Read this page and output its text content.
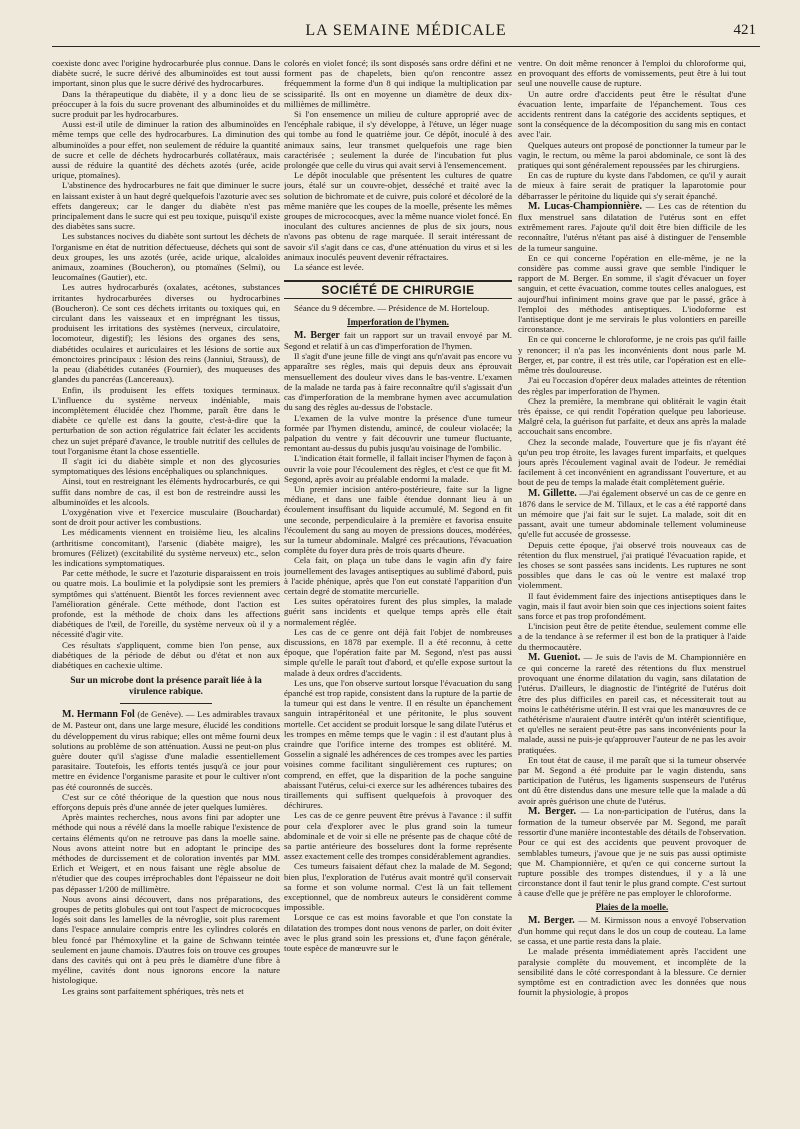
LA SEMAINE MÉDICALE	421

coexiste donc avec l'origine hydrocarburée plus connue. Dans le diabète sucré, le sucre dérivé des albuminoïdes est tout aussi important, sinon plus que le sucre dérivé des hydrocarbures.

Dans la thérapeutique du diabète, il y a donc lieu de se préoccuper à la fois du sucre provenant des albuminoïdes et du sucre produit par les hydrocarbures.

Aussi est-il utile de diminuer la ration des albuminoïdes en même temps que celle des hydrocarbures. La diminution des albuminoïdes a pour effet, non seulement de réduire la quantité de sucre et celle de déchets hydrocarburés collatéraux, mais aussi de réduire la quantité des déchets azotés (urée, acide urique, ptomaïnes).

L'abstinence des hydrocarbures ne fait que diminuer le sucre en laissant exister à un haut degré quelquefois l'azoturie avec ses effets dangereux; car le danger du diabète n'est pas principalement dans le sucre qui est peu toxique, puisqu'il existe des diabètes sans sucre.

Les substances nocives du diabète sont surtout les déchets de l'organisme en état de nutrition défectueuse, déchets qui sont de deux groupes, les uns azotés (urée, acide urique, alcaloïdes animaux, zoamines (Boucheron), ou ptomaïnes (Selmi), ou leucomaïnes (Gautier), etc.

Les autres hydrocarburés (oxalates, acétones, substances irritantes hydrocarburées diverses ou hydrocarbines (Boucheron). Ce sont ces déchets irritants ou toxiques qui, en circulant dans les vaisseaux et en imprégnant les tissus, produisent les irritations des systèmes (nerveux, circulatoire, locomoteur, digestif); les lésions des organes des sens, diabétides oculaires et auriculaires et les lésions de sortie aux émonctoires principaux : lésion des reins (Janniui, Strauss), de la peau (diabétides cutanées (Fournier), des muqueuses des glandes du pancréas (Lancereaux).

Enfin, ils produisent les effets toxiques terminaux. L'influence du système nerveux indéniable, mais incomplètement élucidée chez l'homme, paraît être dans le diabète ce qu'elle est dans la goutte, c'est-à-dire que la perturbation de son action régulatrice fait éclater les accidents chez un sujet préparé d'avance, le trouble nutritif des cellules de tout l'organisme étant la chose essentielle.

Il s'agit ici du diabète simple et non des glycosuries symptomatiques des lésions encéphaliques ou splanchniques.

Ainsi, tout en restreignant les éléments hydrocarburés, ce qui suffit dans nombre de cas, il est bon de restreindre aussi les albuminoïdes et les alcools.

L'oxygénation vive et l'exercice musculaire (Bouchardat) sont de droit pour activer les combustions.

Les médicaments viennent en troisième lieu, les alcalins (arthritisme concomitant), l'arsenic (diabète maigre), les bromures (Félizet) (excitabilité du système nerveux) etc., selon les indications symptomatiques.

Par cette méthode, le sucre et l'azoturie disparaissent en trois ou quatre mois. La boulimie et la polydipsie sont les premiers symptômes qui s'atténuent. Bientôt les forces reviennent avec l'amélioration générale. Cette méthode, dont l'action est profonde, est la méthode de choix dans les affections diabétiques de l'œil, de l'oreille, du système nerveux où il y a nécessité d'agir vite.

Ces résultats s'appliquent, comme bien l'on pense, aux diabétiques de la période de début ou d'état et non aux diabétiques en cachexie ultime.

Sur un microbe dont la présence paraît liée à la virulence rabique.

M. Hermann Fol (de Genève). — Les admirables travaux de M. Pasteur ont, dans une large mesure, élucidé les conditions du développement du virus rabique; elles ont même fourni deux solutions au problème de son atténuation. Aussi ne peut-on plus guère douter qu'il s'agisse d'une maladie essentiellement parasitaire. Toutefois, les efforts tentés jusqu'à ce jour pour mettre en évidence l'organisme parasite et pour le cultiver n'ont pas été couronnés de succès.

C'est sur ce côté théorique de la question que nous nous efforçons depuis près d'une année de jeter quelques lumières.

Après maintes recherches, nous avons fini par adopter une méthode qui nous a révélé dans la moelle rabique l'existence de certains éléments qu'on ne retrouve pas dans la moelle saine. Nous avons atteint notre but en adoptant le principe des méthodes de durcissement et de coloration inventés par MM. Erlich et Weigert, et en nous faisant une règle absolue de n'étudier que des coupes irréprochables dont l'épaisseur ne doit pas dépasser 1/200 de millimètre.

Nous avons ainsi découvert, dans nos préparations, des groupes de petits globules qui ont tout l'aspect de micrococques logés soit dans les lamelles de la névroglie, soit plus rarement dans l'espace annulaire compris entre les cylindres colorés en bleu foncé par l'hémoxyline et la gaine de Schwann teintée seulement en jaune chamois. D'autres fois on trouve ces groupes dans des cavités qui ont à peu près le diamètre d'une fibre à myéline, cavités dont nous ignorons encore la nature histologique.

Les grains sont parfaitement sphériques, très nets et

colorés en violet foncé; ils sont disposés sans ordre défini et ne forment pas de chapelets, bien qu'on rencontre assez fréquemment la forme d'un 8 qui indique la multiplication par scissiparité. Ils ont en moyenne un diamètre de deux dix-millièmes de millimètre.

Si l'on ensemence un milieu de culture approprié avec de l'encéphale rabique, il s'y développe, à l'étuve, un léger nuage qui tombe au fond le quatrième jour. Ce dépôt, inoculé à des animaux sains, leur transmet quelquefois une rage bien caractérisée ; seulement la durée de l'incubation fut plus prolongée que celle du virus qui avait servi à l'ensemencement.

Le dépôt inoculable que présentent les cultures de quatre jours, étalé sur un couvre-objet, desséché et traité avec la solution de bichromate et de cuivre, puis coloré et décoloré de la même manière que les coupes de la moelle, présente les mêmes groupes de micrococques, avec la même nuance violet foncé. En inoculant des cultures anciennes de plus de six jours, nous n'avons pas obtenu de rage marquée. Il serait intéressant de savoir s'il s'agit dans ce cas, d'une atténuation du virus et si les animaux inoculés peuvent devenir réfractaires.

La séance est levée.

SOCIÉTÉ DE CHIRURGIE

Séance du 9 décembre. — Présidence de M. Horteloup.

Imperforation de l'hymen.

M. Berger fait un rapport sur un travail envoyé par M. Segond et relatif à un cas d'imperforation de l'hymen.

Il s'agit d'une jeune fille de vingt ans qu'n'avait pas encore vu apparaître ses règles, mais qui depuis deux ans éprouvait mensuellement des douleur vives dans le bas-ventre. L'examen de la malade ne tarda pas à faire reconnaître qu'il s'agissait d'un cas d'imperforation de la membrane hymen avec accumulation du sang des règles au-dessus de l'obstacle.

L'examen de la vulve montre la présence d'une tumeur formée par l'hymen distendu, amincé, de couleur violacée; la palpation du ventre y fait découvrir une tumeur fluctuante, remontant au-dessus du pubis jusqu'au voisinage de l'ombilic.

L'indication était formelle, il fallait inciser l'hymen de façon à ouvrir la voie pour l'écoulement des règles, et c'est ce que fit M. Segond, après avoir au préalable endormi la malade.

Un premier incision antéro-postérieure, faite sur la ligne médiane, et dans une faible étendue donnant lieu à un écoulement insuffisant du liquide accumulé, M. Segond en fit une seconde, perpendiculaire à la première et favorisa ensuite l'écoulement du sang au moyen de pressions douces, modérées, sur la tumeur abdominale. Malgré ces précautions, l'évacuation complète du foyer dura près de trois quarts d'heure.

Cela fait, on plaça un tube dans le vagin afin d'y faire journellement des lavages antiseptiques au sublimé d'abord, puis à l'acide phénique, après que l'on eut constaté l'apparition d'un certain degré de stomatite mercurielle.

Les suites opératoires furent des plus simples, la malade guérit sans incidents et quelque temps après elle était normalement réglée.

Les cas de ce genre ont déjà fait l'objet de nombreuses discussions, en 1878 par exemple. Il a été reconnu, à cette époque, que l'opération faite par M. Segond, n'est pas aussi simple qu'elle le paraît tout d'abord, et qu'elle expose surtout la malade à deux ordres d'accidents.

Les uns, que l'on observe surtout lorsque l'évacuation du sang épanché est trop rapide, consistent dans la rupture de la partie de la tumeur qui est dans le ventre. Il en résulte un épanchement sanguin intrapéritonéal et une péritonite, le plus souvent mortelle. Cet accident se produit lorsque le sang dilate l'utérus et les trompes en même temps que le vagin : il est d'autant plus à craindre que l'orifice interne des trompes est oblitéré. M. Gosselin a signalé les adhérences de ces trompes avec les parties voisines comme facilitant singulièrement ces ruptures; on comprend, en effet, que la disparition de la poche sanguine abaissant l'utérus, celui-ci exerce sur les adhérences tubaires des tiraillements qui suffisent quelquefois à provoquer des déchirures.

Les cas de ce genre peuvent être prévus à l'avance : il suffit pour cela d'explorer avec le plus grand soin la tumeur abdominale et de voir si elle ne présente pas de chaque côté de sa partie antérieure des bosselures dont la forme représente assez exactement celle des trompes considérablement agrandies.

Ces tumeurs faisaient défaut chez la malade de M. Segond; bien plus, l'exploration de l'utérus avait montré qu'il conservait sa forme et son volume normal. C'est là un fait tellement exceptionnel, que de nombreux auteurs le considèrent comme impossible.

Lorsque ce cas est moins favorable et que l'on constate la dilatation des trompes dont nous venons de parler, on doit éviter avec le plus grand soin les pressions et, d'une façon générale, toute espèce de manœuvre sur le

ventre. On doit même renoncer à l'emploi du chloroforme qui, en provoquant des efforts de vomissements, peut être à lui tout seul une nouvelle cause de rupture.

Un autre ordre d'accidents peut être le résultat d'une évacuation lente, imparfaite de l'épanchement. Tous ces accidents rentrent dans la catégorie des accidents septiques, et sont la conséquence de la décomposition du sang mis en contact avec l'air.

Quelques auteurs ont proposé de ponctionner la tumeur par le vagin, le rectum, ou même la paroi abdominale, ce sont là des pratiques qui sont généralement repoussées par les chirurgiens.

En cas de rupture du kyste dans l'abdomen, ce qu'il y aurait de mieux à faire serait de pratiquer la laparotomie pour débarrasser le péritoine du liquide qui s'y serait épanché.

M. Lucas-Championnière. — Les cas de rétention du flux menstruel sans dilatation de l'utérus sont en effet extrêmement rares. J'ajoute qu'il doit être bien difficile de les reconnaître, l'utérus n'étant pas aisé à distinguer de l'ensemble de la tumeur sanguine.

En ce qui concerne l'opération en elle-même, je ne la considère pas comme aussi grave que semble l'indiquer le rapport de M. Berger. En somme, il s'agit d'évacuer un foyer sanguin, et cette évacuation, comme toutes celles analogues, est aujourd'hui infiniment moins grave que par le passé, grâce à l'emploi des méthodes antiseptiques. L'iodoforme est l'antiseptique dont je me servirais le plus volontiers en pareille circonstance.

En ce qui concerne le chloroforme, je ne crois pas qu'il faille y renoncer; il n'a pas les inconvénients dont nous parle M. Berger, et, par contre, il est très utile, car l'opération est en elle-même très douloureuse.

J'ai eu l'occasion d'opérer deux malades atteintes de rétention des règles par imperforation de l'hymen.

Chez la première, la membrane qui oblitérait le vagin était très épaisse, ce qui rendit l'opération quelque peu laborieuse. Malgré cela, la guérison fut parfaite, et deux ans après la malade accouchait sans encombre.

Chez la seconde malade, l'ouverture que je fis n'ayant été qu'un peu trop étroite, les lavages furent imparfaits, et quelques jours après l'écoulement vaginal avait de l'odeur. Je remédiai facilement à cet inconvénient en agrandissant l'ouverture, et au bout de peu de temps la malade était complètement guérie.

M. Gillette. —J'ai également observé un cas de ce genre en 1876 dans le service de M. Tillaux, et le cas a été rapporté dans un mémoire que j'ai fait sur le sujet. La malade, soit dit en passant, avait une tumeur abdominale tellement volumineuse qu'elle fut accusée de grossesse.

Depuis cette époque, j'ai observé trois nouveaux cas de rétention du flux menstruel, j'ai pratiqué l'évacuation rapide, et les choses se sont passées sans incidents. Les ruptures ne sont possibles que dans le cas où le ventre est malaxé trop violemment.

Il faut évidemment faire des injections antiseptiques dans le vagin, mais il faut avoir bien soin que ces injections soient faites sans force et pas trop profondément.

L'incision peut être de petite étendue, seulement comme elle a de la tendance à se refermer il est bon de la pratiquer à l'aide du thermocautère.

M. Gueniot. — Je suis de l'avis de M. Championnière en ce qui concerne la rareté des rétentions du flux menstruel provoquant une énorme dilatation du vagin, sans dilatation de l'utérus. D'ailleurs, le diagnostic de l'intégrité de l'utérus doit être des plus difficiles en pareil cas, et nécessiterait tout au moins le cathétérisme utérin. Il est vrai que les manœuvres de ce cathétérisme n'auraient d'autre intérêt qu'un intérêt scientifique, et qu'elles ne seraient peut-être pas sans inconvénients pour la malade, aussi ne puis-je qu'approuver l'auteur de ne pas les avoir pratiquées.

En tout état de cause, il me paraît que si la tumeur observée par M. Segond a été produite par le vagin distendu, sans participation de l'utérus, les ligaments suspenseurs de l'utérus ont dû être distendus dans une mesure telle que la malade a dû avoir après guérison une chute de l'utérus.

M. Berger. — La non-participation de l'utérus, dans la formation de la tumeur observée par M. Segond, me paraît ressortir d'une manière incontestable des détails de l'observation. Pour ce qui est des accidents que peuvent provoquer de semblables tumeurs, j'avoue que je ne suis pas aussi optimiste que M. Championnière, et qu'en ce qui concerne surtout la rupture possible des trompes distendues, il y a là une circonstance dont il faut tenir le plus grand compte. C'est surtout à cause d'elle que je préfère ne pas employer le chloroforme.

Plaies de la moelle.

M. Berger. — M. Kirmisson nous a envoyé l'observation d'un homme qui reçut dans le dos un coup de couteau. La lame se cassa, et une partie resta dans la plaie.

Le malade présenta immédiatement après l'accident une paralysie complète du mouvement, et incomplète de la sensibilité dans le côté correspondant à la blessure. Ce dernier symptôme est en contradiction avec les données que nous fournit la physiologie, à propos
